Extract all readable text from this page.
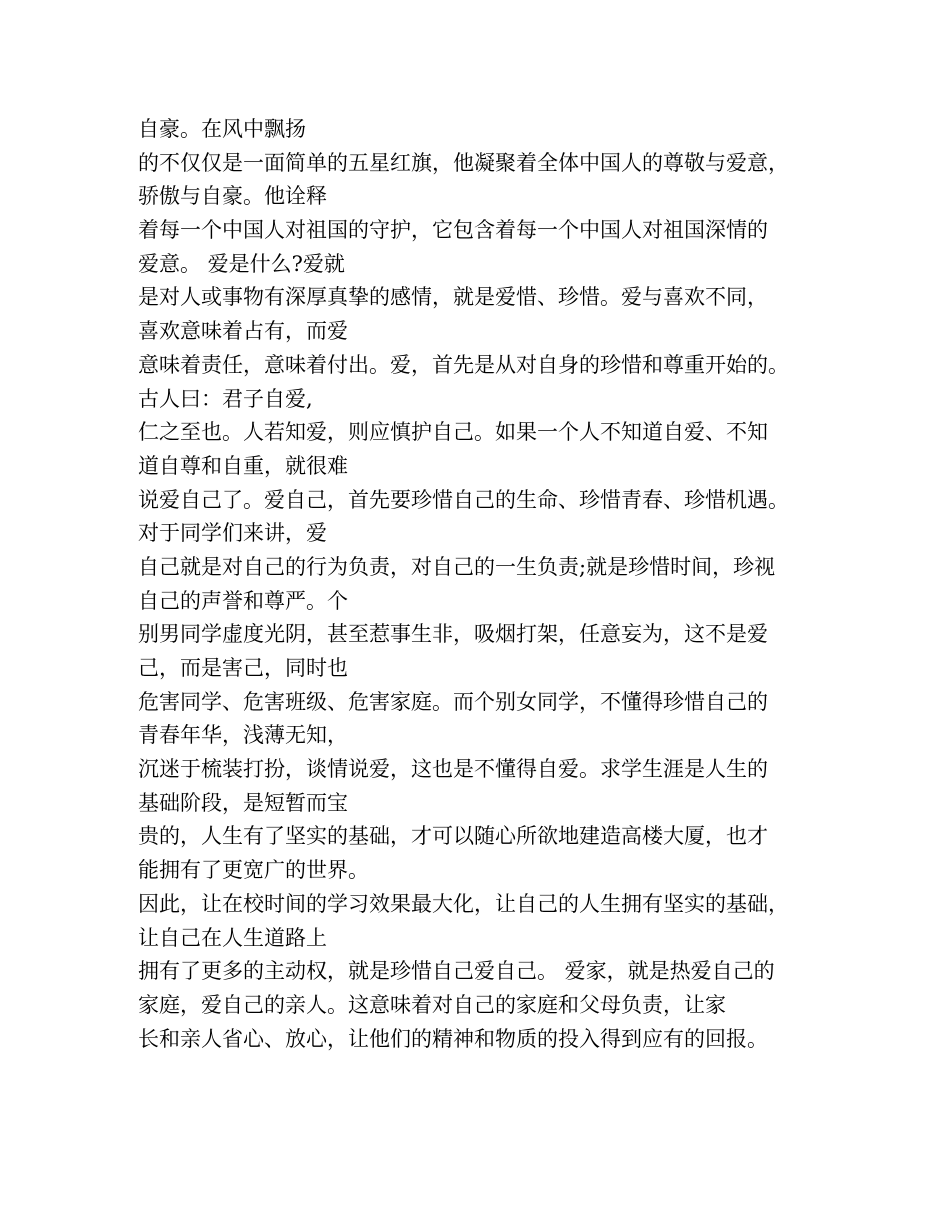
自豪。在风中飘扬
的不仅仅是一面简单的五星红旗，他凝聚着全体中国人的尊敬与爱意，
骄傲与自豪。他诠释
着每一个中国人对祖国的守护，它包含着每一个中国人对祖国深情的
爱意。 爱是什么?爱就
是对人或事物有深厚真挚的感情，就是爱惜、珍惜。爱与喜欢不同，
喜欢意味着占有，而爱
意味着责任，意味着付出。爱，首先是从对自身的珍惜和尊重开始的。
古人曰：君子自爱,
仁之至也。人若知爱，则应慎护自己。如果一个人不知道自爱、不知
道自尊和自重，就很难
说爱自己了。爱自己，首先要珍惜自己的生命、珍惜青春、珍惜机遇。
对于同学们来讲，爱
自己就是对自己的行为负责，对自己的一生负责;就是珍惜时间，珍视
自己的声誉和尊严。个
别男同学虚度光阴，甚至惹事生非，吸烟打架，任意妄为，这不是爱
己，而是害己，同时也
危害同学、危害班级、危害家庭。而个别女同学，不懂得珍惜自己的
青春年华，浅薄无知，
沉迷于梳装打扮，谈情说爱，这也是不懂得自爱。求学生涯是人生的
基础阶段，是短暂而宝
贵的，人生有了坚实的基础，才可以随心所欲地建造高楼大厦，也才
能拥有了更宽广的世界。
因此，让在校时间的学习效果最大化，让自己的人生拥有坚实的基础，
让自己在人生道路上
拥有了更多的主动权，就是珍惜自己爱自己。 爱家，就是热爱自己的
家庭，爱自己的亲人。这意味着对自己的家庭和父母负责，让家
长和亲人省心、放心，让他们的精神和物质的投入得到应有的回报。
